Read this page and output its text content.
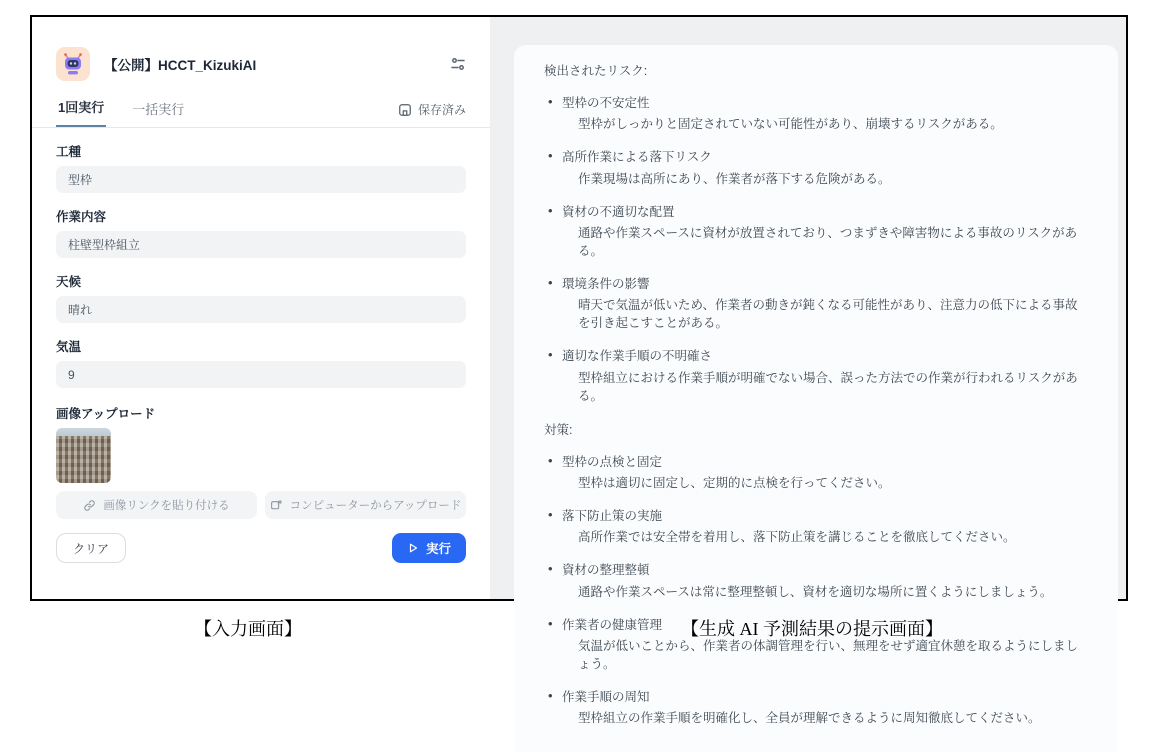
【公開】HCCT_KizukiAI
1回実行 一括実行	保存済み
工種
型枠
作業内容
柱壁型枠組立
天候
晴れ
気温
9
画像アップロード
画像リンクを貼り付ける	コンピューターからアップロード
クリア	実行
検出されたリスク:
• 型枠の不安定性
型枠がしっかりと固定されていない可能性があり、崩壊するリスクがある。
• 高所作業による落下リスク
作業現場は高所にあり、作業者が落下する危険がある。
• 資材の不適切な配置
通路や作業スペースに資材が放置されており、つまずきや障害物による事故のリスクがある。
• 環境条件の影響
晴天で気温が低いため、作業者の動きが鈍くなる可能性があり、注意力の低下による事故を引き起こすことがある。
• 適切な作業手順の不明確さ
型枠組立における作業手順が明確でない場合、誤った方法での作業が行われるリスクがある。
対策:
• 型枠の点検と固定
型枠は適切に固定し、定期的に点検を行ってください。
• 落下防止策の実施
高所作業では安全帯を着用し、落下防止策を講じることを徹底してください。
• 資材の整理整頓
通路や作業スペースは常に整理整頓し、資材を適切な場所に置くようにしましょう。
• 作業者の健康管理
気温が低いことから、作業者の体調管理を行い、無理をせず適宜休憩を取るようにしましょう。
• 作業手順の周知
型枠組立の作業手順を明確化し、全員が理解できるように周知徹底してください。
【入力画面】	【生成 AI 予測結果の提示画面】
